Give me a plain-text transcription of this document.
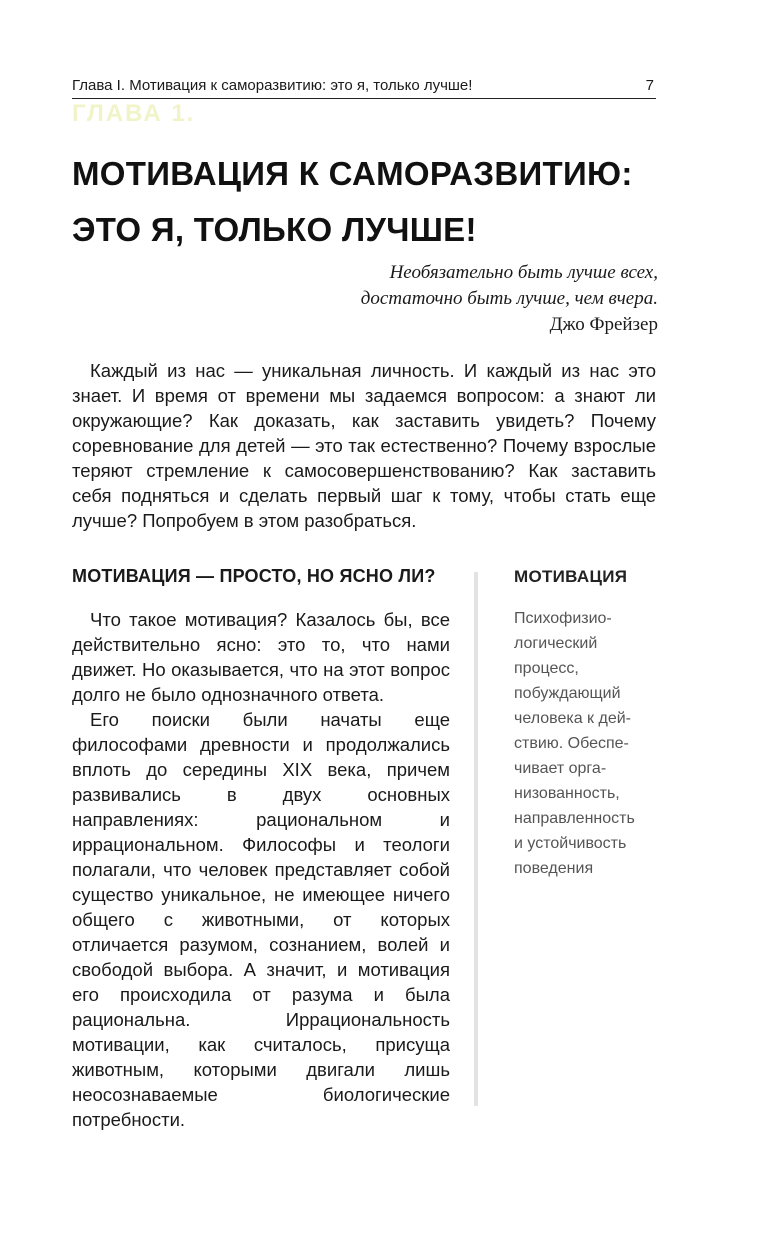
Глава I. Мотивация к саморазвитию: это я, только лучше!	7

ГЛАВА 1.
МОТИВАЦИЯ К САМОРАЗВИТИЮ:
ЭТО Я, ТОЛЬКО ЛУЧШЕ!
Необязательно быть лучше всех,
достаточно быть лучше, чем вчера.
Джо Фрейзер

Каждый из нас — уникальная личность. И каждый из нас это знает. И время от времени мы задаемся вопросом: а знают ли окружающие? Как доказать, как заставить увидеть? Почему соревнование для детей — это так естественно? Почему взрослые теряют стремление к самосовершенствованию? Как заставить себя подняться и сделать первый шаг к тому, чтобы стать еще лучше? Попробуем в этом разобраться.

МОТИВАЦИЯ — ПРОСТО, НО ЯСНО ЛИ?

Что такое мотивация? Казалось бы, все действительно ясно: это то, что нами движет. Но оказывается, что на этот вопрос долго не было однозначного ответа.

Его поиски были начаты еще философами древности и продолжались вплоть до середины XIX века, причем развивались в двух основных направлениях: рациональном и иррациональном. Философы и теологи полагали, что человек представляет собой существо уникальное, не имеющее ничего общего с животными, от которых отличается разумом, сознанием, волей и свободой выбора. А значит, и мотивация его происходила от разума и была рациональна. Иррациональность мотивации, как считалось, присуща животным, которыми двигали лишь неосознаваемые биологические потребности.

МОТИВАЦИЯ
Психофизио-
логический
процесс,
побуждающий
человека к дей-
ствию. Обеспе-
чивает орга-
низованность,
направленность
и устойчивость
поведения
